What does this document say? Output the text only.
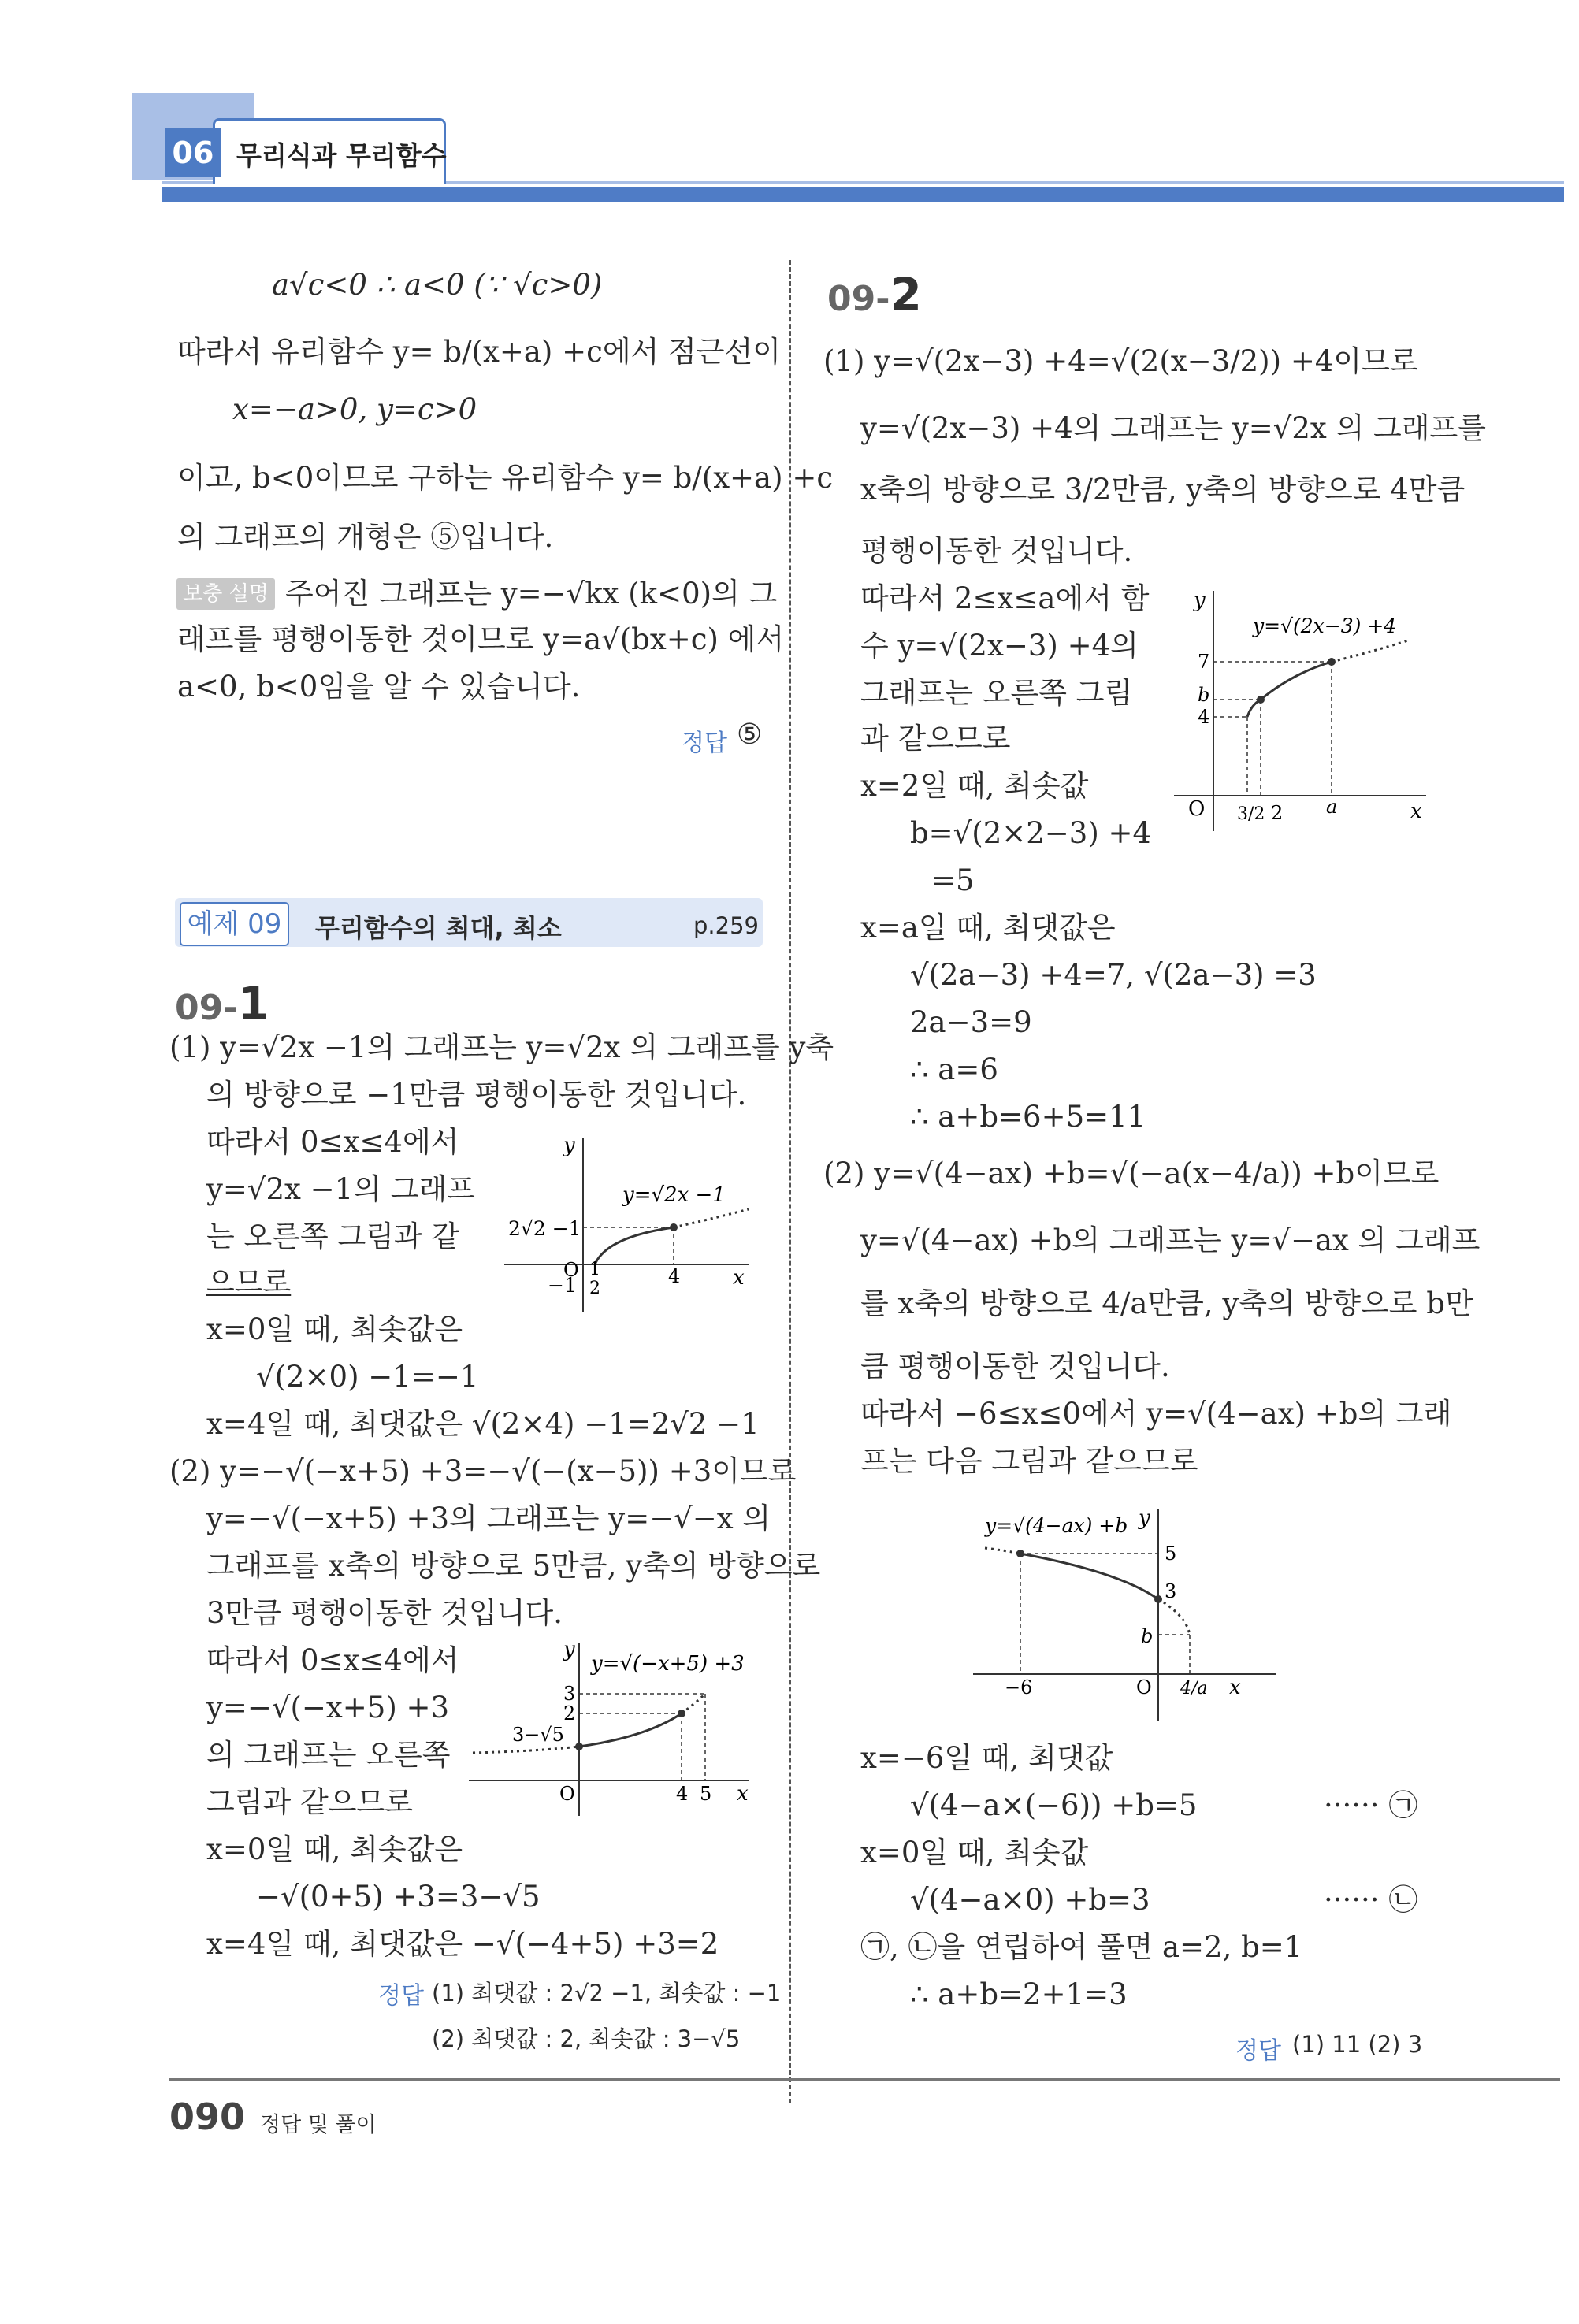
06 무리식과 무리함수
a√c<0 ∴ a<0 (∵ √c>0)
따라서 유리함수 y= b/(x+a) +c에서 점근선이
x=−a>0, y=c>0
이고, b<0이므로 구하는 유리함수 y= b/(x+a) +c
의 그래프의 개형은 ⑤입니다.
보충 설명 주어진 그래프는 y=−√kx (k<0)의 그
래프를 평행이동한 것이므로 y=a√(bx+c) 에서
a<0, b<0임을 알 수 있습니다.
정답 ⑤
예제 09	무리함수의 최대, 최소	p.259
09-1
(1) y=√2x −1의 그래프는 y=√2x 의 그래프를 y축
의 방향으로 −1만큼 평행이동한 것입니다.
따라서 0≤x≤4에서
y=√2x −1의 그래프
는 오른쪽 그림과 같
으므로
x=0일 때, 최솟값은
√(2×0) −1=−1
x=4일 때, 최댓값은 √(2×4) −1=2√2 −1
y=√2x −1
2√2 −1
−1
1
2
4	x
y
O
(2) y=−√(−x+5) +3=−√(−(x−5)) +3이므로
y=−√(−x+5) +3의 그래프는 y=−√−x 의
그래프를 x축의 방향으로 5만큼, y축의 방향으로
3만큼 평행이동한 것입니다.
따라서 0≤x≤4에서
y=−√(−x+5) +3
의 그래프는 오른쪽
그림과 같으므로
x=0일 때, 최솟값은
−√(0+5) +3=3−√5
x=4일 때, 최댓값은 −√(−4+5) +3=2
y=√(−x+5) +3
3
2
3−√5
4 5 x
y
O
정답 (1) 최댓값 : 2√2 −1, 최솟값 : −1
(2) 최댓값 : 2, 최솟값 : 3−√5
09-2
(1) y=√(2x−3) +4=√(2(x−3/2)) +4이므로
y=√(2x−3) +4의 그래프는 y=√2x 의 그래프를
x축의 방향으로 3/2만큼, y축의 방향으로 4만큼
평행이동한 것입니다.
따라서 2≤x≤a에서 함
수 y=√(2x−3) +4의
그래프는 오른쪽 그림
과 같으므로
x=2일 때, 최솟값
b=√(2×2−3) +4
=5
x=a일 때, 최댓값은
√(2a−3) +4=7, √(2a−3) =3
2a−3=9
∴ a=6
∴ a+b=6+5=11
y=√(2x−3) +4
7
b
4
3/2 2 a	x
y
O
(2) y=√(4−ax) +b=√(−a(x−4/a)) +b이므로
y=√(4−ax) +b의 그래프는 y=√−ax 의 그래프
를 x축의 방향으로 4/a만큼, y축의 방향으로 b만
큼 평행이동한 것입니다.
따라서 −6≤x≤0에서 y=√(4−ax) +b의 그래
프는 다음 그림과 같으므로
y=√(4−ax) +b
5
3
b
−6	4/a x
y
O
x=−6일 때, 최댓값
√(4−a×(−6)) +b=5	······ ㉠
x=0일 때, 최솟값
√(4−a×0) +b=3	······ ㉡
㉠, ㉡을 연립하여 풀면 a=2, b=1
∴ a+b=2+1=3
정답 (1) 11 (2) 3
090 정답 및 풀이
